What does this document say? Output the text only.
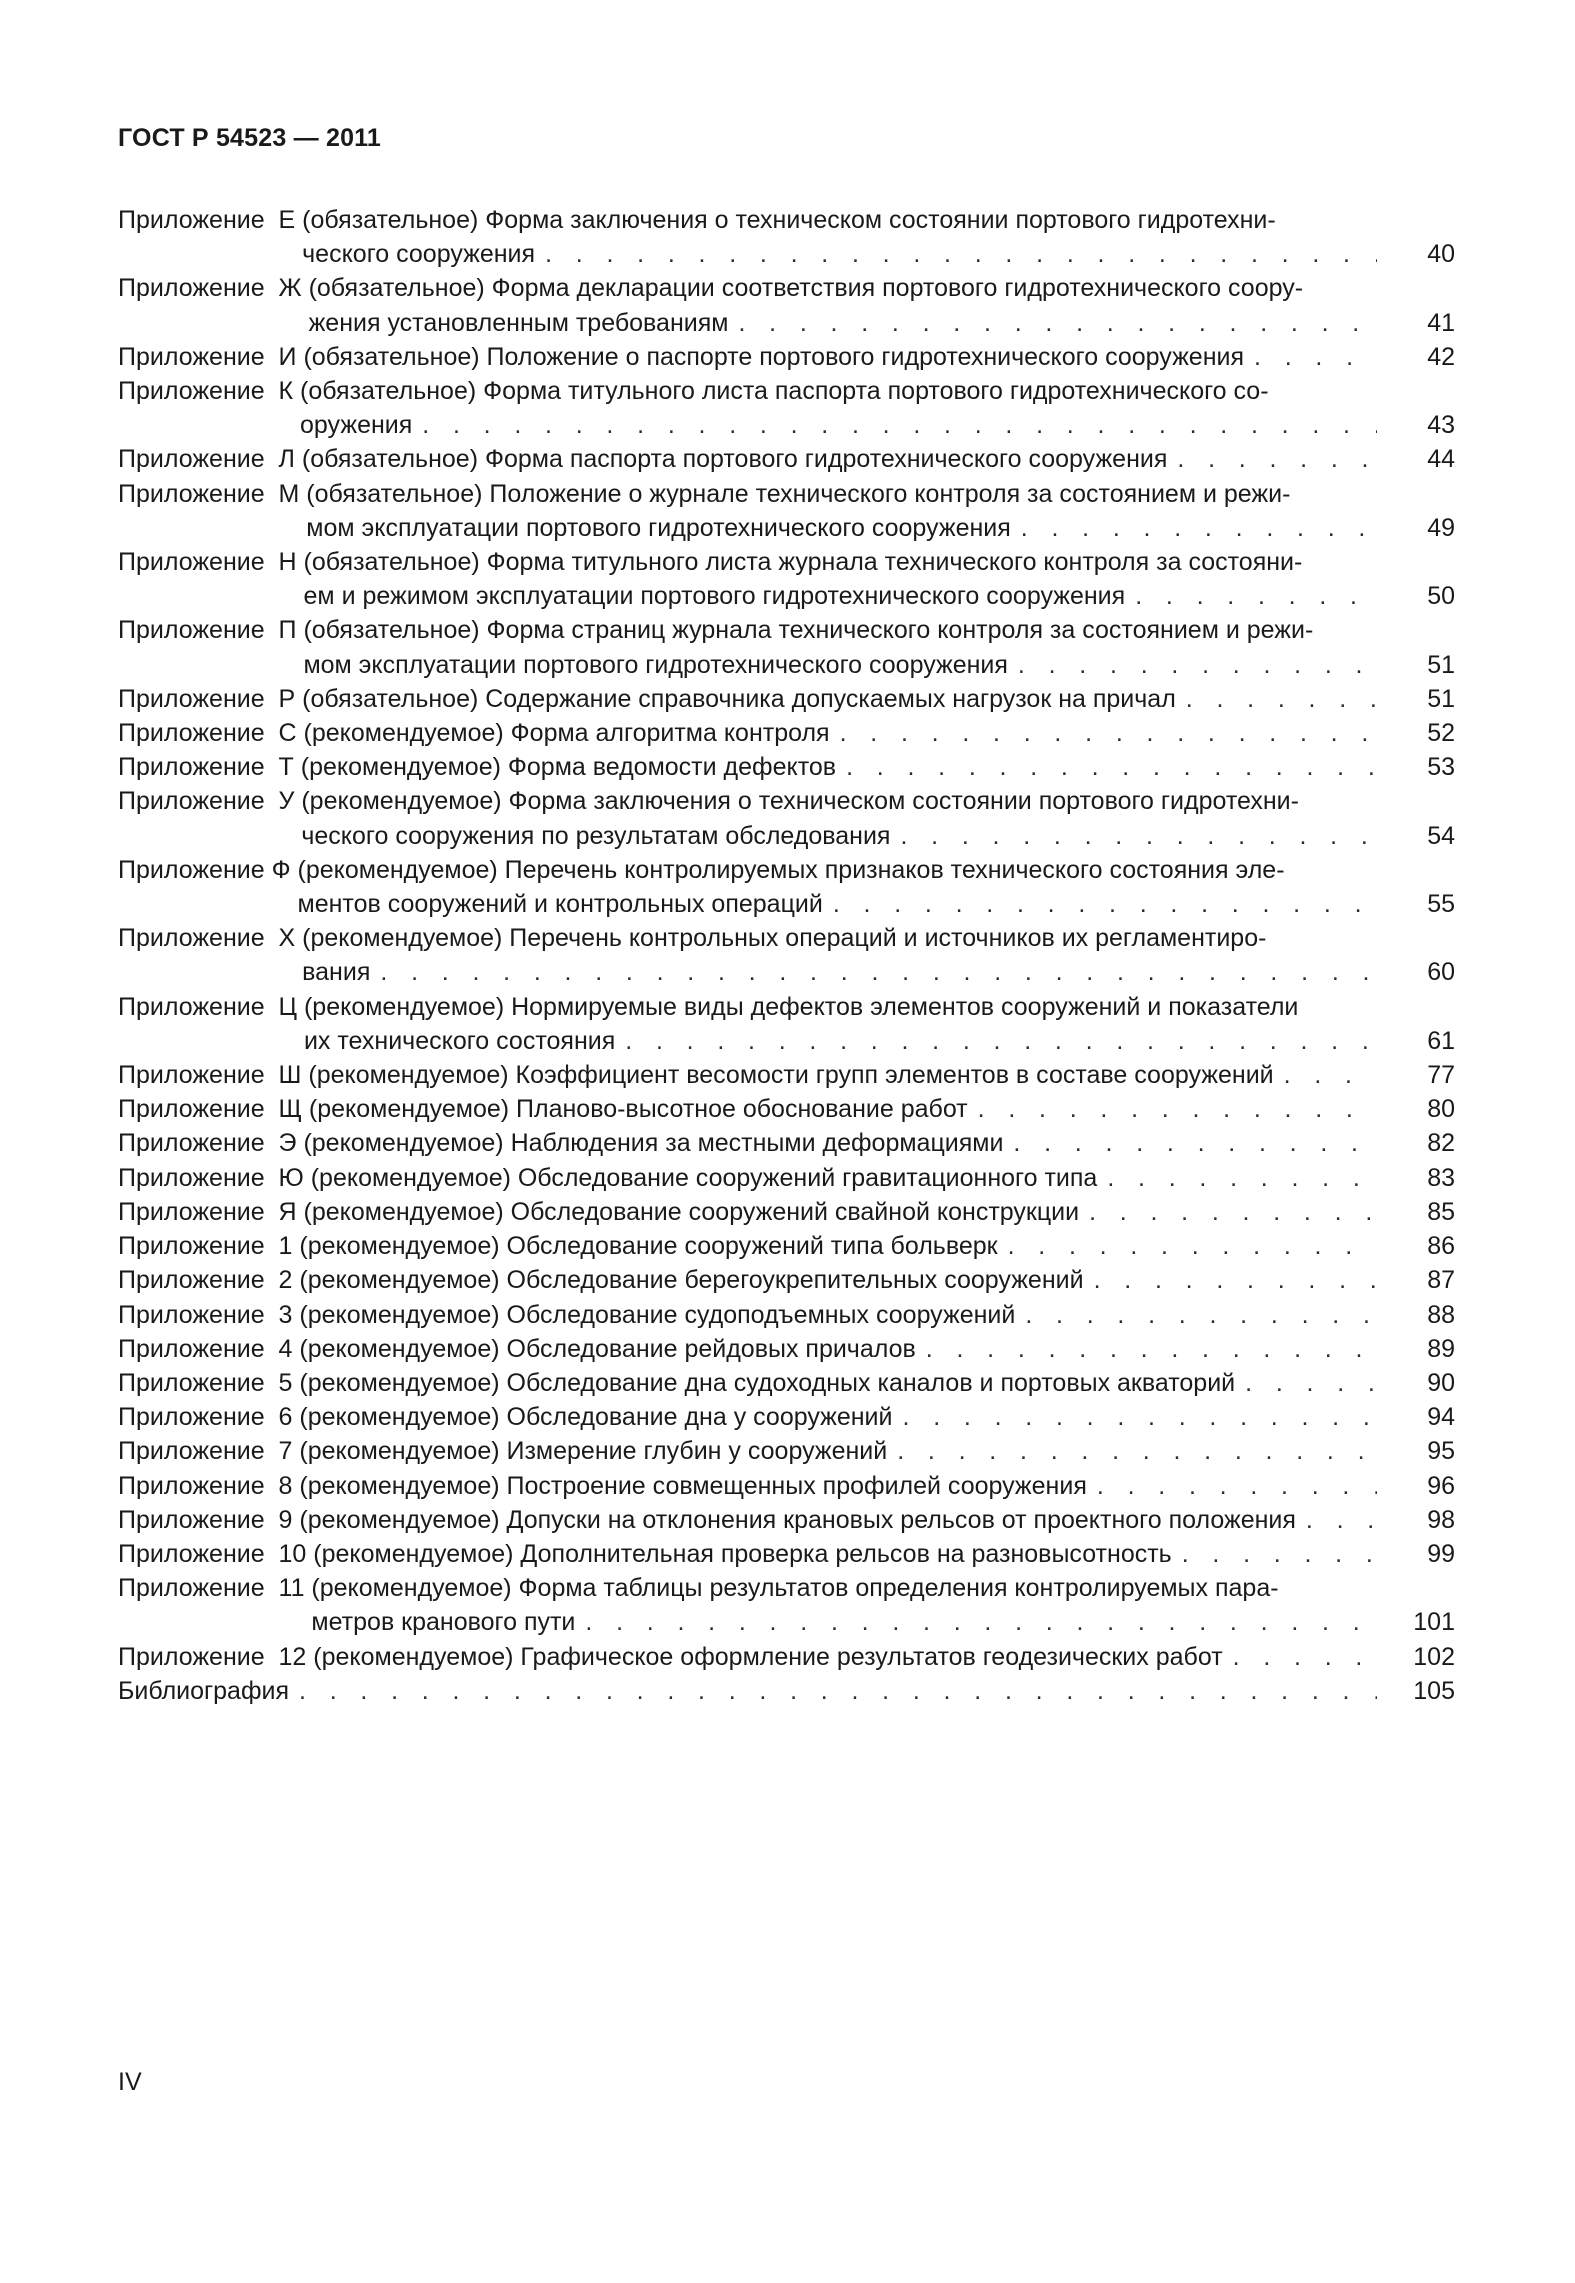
ГОСТ Р 54523 — 2011
Приложение  Е (обязательное) Форма заключения о техническом состоянии портового гидротехни-
ческого сооружения . . .	40
Приложение  Ж (обязательное) Форма декларации соответствия портового гидротехнического соору-
жения установленным требованиям . . .	41
Приложение  И (обязательное) Положение о паспорте портового гидротехнического сооружения . . .	42
Приложение  К (обязательное) Форма титульного листа паспорта портового гидротехнического со-
оружения . . .	43
Приложение  Л (обязательное) Форма паспорта портового гидротехнического сооружения . . .	44
Приложение  М (обязательное) Положение о журнале технического контроля за состоянием и режи-
мом эксплуатации портового гидротехнического сооружения . . .	49
Приложение  Н (обязательное) Форма титульного листа журнала технического контроля за состояни-
ем и режимом эксплуатации портового гидротехнического сооружения . . .	50
Приложение  П (обязательное) Форма страниц журнала технического контроля за состоянием и режи-
мом эксплуатации портового гидротехнического сооружения . . .	51
Приложение  Р (обязательное) Содержание справочника допускаемых нагрузок на причал . . .	51
Приложение  С (рекомендуемое) Форма алгоритма контроля . . .	52
Приложение  Т (рекомендуемое) Форма ведомости дефектов . . .	53
Приложение  У (рекомендуемое) Форма заключения о техническом состоянии портового гидротехни-
ческого сооружения по результатам обследования . . .	54
Приложение Ф (рекомендуемое) Перечень контролируемых признаков технического состояния эле-
ментов сооружений и контрольных операций . . .	55
Приложение  Х (рекомендуемое) Перечень контрольных операций и источников их регламентиро-
вания . . .	60
Приложение  Ц (рекомендуемое) Нормируемые виды дефектов элементов сооружений и показатели
их технического состояния . . .	61
Приложение  Ш (рекомендуемое) Коэффициент весомости групп элементов в составе сооружений . . .	77
Приложение  Щ (рекомендуемое) Планово-высотное обоснование работ . . .	80
Приложение  Э (рекомендуемое) Наблюдения за местными деформациями . . .	82
Приложение  Ю (рекомендуемое) Обследование сооружений гравитационного типа . . .	83
Приложение  Я (рекомендуемое) Обследование сооружений свайной конструкции . . .	85
Приложение  1 (рекомендуемое) Обследование сооружений типа больверк . . .	86
Приложение  2 (рекомендуемое) Обследование берегоукрепительных сооружений . . .	87
Приложение  3 (рекомендуемое) Обследование судоподъемных сооружений . . .	88
Приложение  4 (рекомендуемое) Обследование рейдовых причалов . . .	89
Приложение  5 (рекомендуемое) Обследование дна судоходных каналов и портовых акваторий . . .	90
Приложение  6 (рекомендуемое) Обследование дна у сооружений . . .	94
Приложение  7 (рекомендуемое) Измерение глубин у сооружений . . .	95
Приложение  8 (рекомендуемое) Построение совмещенных профилей сооружения . . .	96
Приложение  9 (рекомендуемое) Допуски на отклонения крановых рельсов от проектного положения . . .	98
Приложение  10 (рекомендуемое) Дополнительная проверка рельсов на разновысотность . . .	99
Приложение  11 (рекомендуемое) Форма таблицы результатов определения контролируемых пара-
метров кранового пути . . .	101
Приложение  12 (рекомендуемое) Графическое оформление результатов геодезических работ . . .	102
Библиография . . .	105
IV
